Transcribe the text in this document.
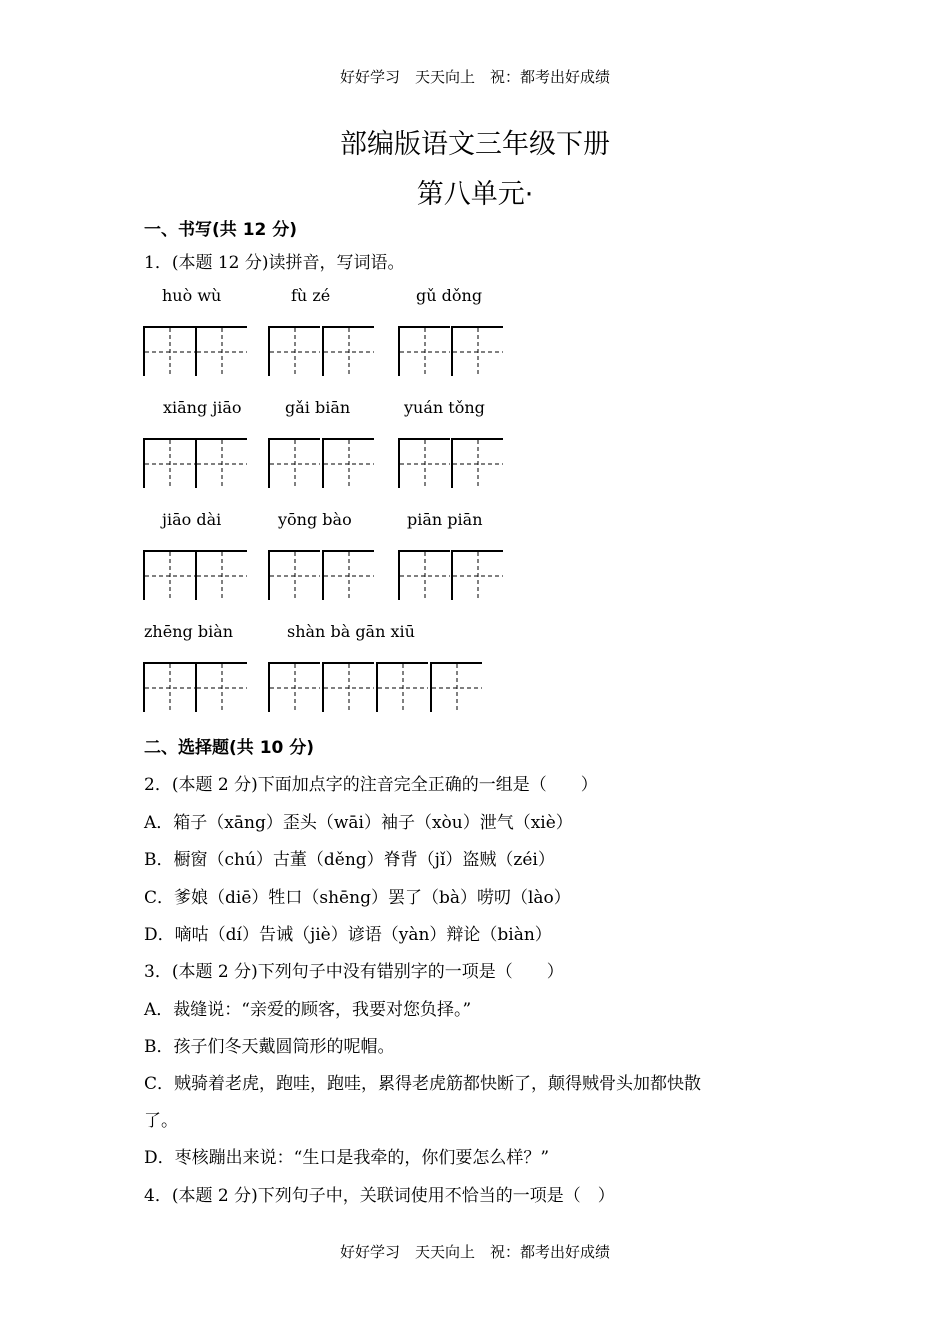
好好学习　天天向上　祝：都考出好成绩
部编版语文三年级下册
第八单元·
一、书写(共 12 分)
1．(本题 12 分)读拼音，写词语。
huò wù	fù zé	gǔ dǒng
xiāng jiāo	gǎi biān	yuán tǒng
jiāo dài	yōng bào	piān piān
zhēng biàn	shàn bà gān xiū
二、选择题(共 10 分)
2．(本题 2 分)下面加点字的注音完全正确的一组是（　　）
A．箱子（xāng）歪头（wāi）袖子（xòu）泄气（xiè）
B．橱窗（chú）古董（děng）脊背（jǐ）盗贼（zéi）
C．爹娘（diē）牲口（shēng）罢了（bà）唠叨（lào）
D．嘀咕（dí）告诫（jiè）谚语（yàn）辩论（biàn）
3．(本题 2 分)下列句子中没有错别字的一项是（　　）
A．裁缝说：“亲爱的顾客，我要对您负择。”
B．孩子们冬天戴圆筒形的呢帽。
C．贼骑着老虎，跑哇，跑哇，累得老虎筋都快断了，颠得贼骨头加都快散
了。
D．枣核蹦出来说：“生口是我牵的，你们要怎么样？”
4．(本题 2 分)下列句子中，关联词使用不恰当的一项是（　）
好好学习　天天向上　祝：都考出好成绩
